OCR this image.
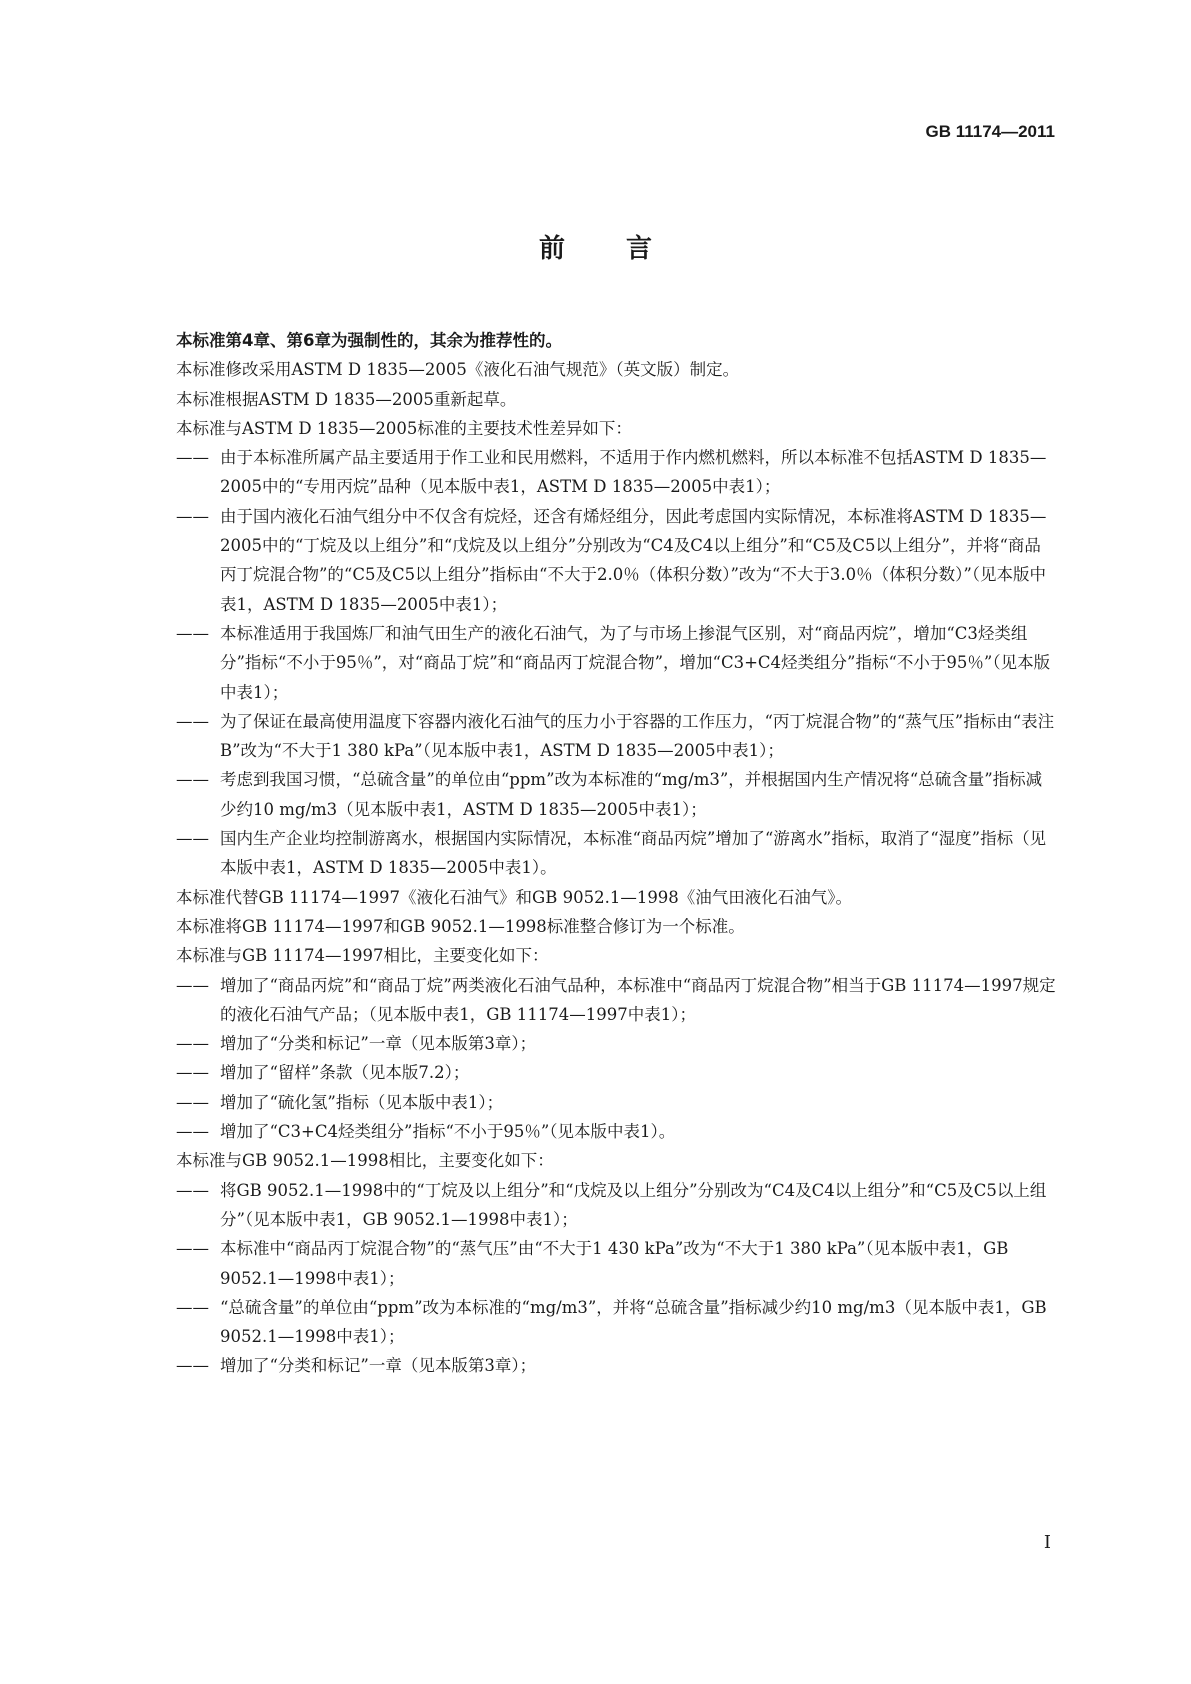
GB 11174—2011
前 言

本标准第4章、第6章为强制性的，其余为推荐性的。

本标准修改采用ASTM D 1835—2005《液化石油气规范》（英文版）制定。

本标准根据ASTM D 1835—2005重新起草。

本标准与ASTM D 1835—2005标准的主要技术性差异如下：

—— 由于本标准所属产品主要适用于作工业和民用燃料，不适用于作内燃机燃料，所以本标准不包括ASTM D 1835—2005中的“专用丙烷”品种（见本版中表1，ASTM D 1835—2005中表1）；

—— 由于国内液化石油气组分中不仅含有烷烃，还含有烯烃组分，因此考虑国内实际情况，本标准将ASTM D 1835—2005中的“丁烷及以上组分”和“戊烷及以上组分”分别改为“C4及C4以上组分”和“C5及C5以上组分”，并将“商品丙丁烷混合物”的“C5及C5以上组分”指标由“不大于2.0％（体积分数）”改为“不大于3.0％（体积分数）”（见本版中表1，ASTM D 1835—2005中表1）；

—— 本标准适用于我国炼厂和油气田生产的液化石油气，为了与市场上掺混气区别，对“商品丙烷”，增加“C3烃类组分”指标“不小于95％”，对“商品丁烷”和“商品丙丁烷混合物”，增加“C3+C4烃类组分”指标“不小于95％”（见本版中表1）；

—— 为了保证在最高使用温度下容器内液化石油气的压力小于容器的工作压力，“丙丁烷混合物”的“蒸气压”指标由“表注B”改为“不大于1 380 kPa”（见本版中表1，ASTM D 1835—2005中表1）；

—— 考虑到我国习惯，“总硫含量”的单位由“ppm”改为本标准的“mg/m3”，并根据国内生产情况将“总硫含量”指标减少约10 mg/m3（见本版中表1，ASTM D 1835—2005中表1）；

—— 国内生产企业均控制游离水，根据国内实际情况，本标准“商品丙烷”增加了“游离水”指标，取消了“湿度”指标（见本版中表1，ASTM D 1835—2005中表1）。

本标准代替GB 11174—1997《液化石油气》和GB 9052.1—1998《油气田液化石油气》。

本标准将GB 11174—1997和GB 9052.1—1998标准整合修订为一个标准。

本标准与GB 11174—1997相比，主要变化如下：

—— 增加了“商品丙烷”和“商品丁烷”两类液化石油气品种，本标准中“商品丙丁烷混合物”相当于GB 11174—1997规定的液化石油气产品；（见本版中表1，GB 11174—1997中表1）；

—— 增加了“分类和标记”一章（见本版第3章）；

—— 增加了“留样”条款（见本版7.2）；

—— 增加了“硫化氢”指标（见本版中表1）；

—— 增加了“C3+C4烃类组分”指标“不小于95％”（见本版中表1）。

本标准与GB 9052.1—1998相比，主要变化如下：

—— 将GB 9052.1—1998中的“丁烷及以上组分”和“戊烷及以上组分”分别改为“C4及C4以上组分”和“C5及C5以上组分”（见本版中表1，GB 9052.1—1998中表1）；

—— 本标准中“商品丙丁烷混合物”的“蒸气压”由“不大于1 430 kPa”改为“不大于1 380 kPa”（见本版中表1，GB 9052.1—1998中表1）；

—— “总硫含量”的单位由“ppm”改为本标准的“mg/m3”，并将“总硫含量”指标减少约10 mg/m3（见本版中表1，GB 9052.1—1998中表1）；

—— 增加了“分类和标记”一章（见本版第3章）；

I
